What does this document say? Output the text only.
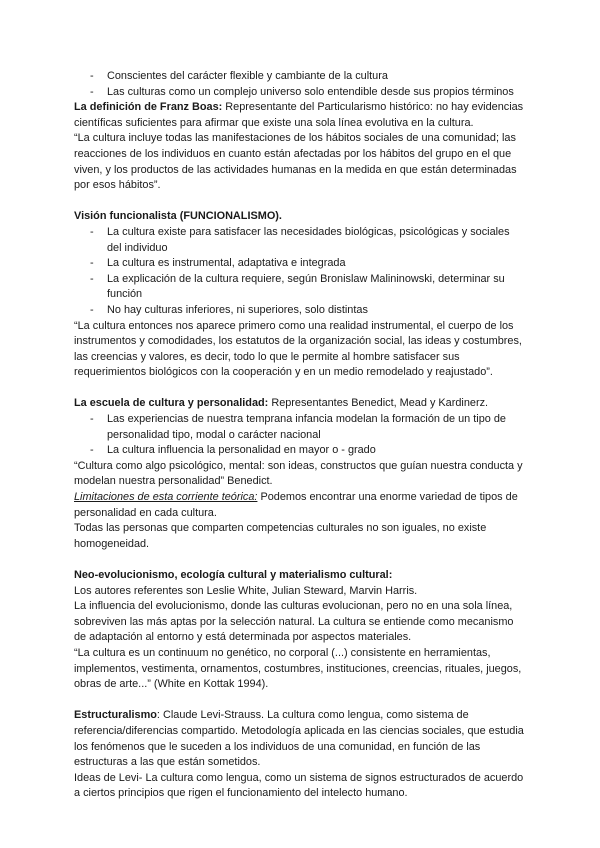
-	Conscientes del carácter flexible y cambiante de la cultura
-	Las culturas como un complejo universo solo entendible desde sus propios términos

La definición de Franz Boas: Representante del Particularismo histórico: no hay evidencias científicas suficientes para afirmar que existe una sola línea evolutiva en la cultura.

“La cultura incluye todas las manifestaciones de los hábitos sociales de una comunidad; las reacciones de los individuos en cuanto están afectadas por los hábitos del grupo en el que viven, y los productos de las actividades humanas en la medida en que están determinadas por esos hábitos”.

Visión funcionalista (FUNCIONALISMO).

-	La cultura existe para satisfacer las necesidades biológicas, psicológicas y sociales del individuo
-	La cultura es instrumental, adaptativa e integrada
-	La explicación de la cultura requiere, según Bronislaw Malininowski, determinar su función
-	No hay culturas inferiores, ni superiores, solo distintas

“La cultura entonces nos aparece primero como una realidad instrumental, el cuerpo de los instrumentos y comodidades, los estatutos de la organización social, las ideas y costumbres, las creencias y valores, es decir, todo lo que le permite al hombre satisfacer sus requerimientos biológicos con la cooperación y en un medio remodelado y reajustado”.

La escuela de cultura y personalidad: Representantes Benedict, Mead y Kardinerz.

-	Las experiencias de nuestra temprana infancia modelan la formación de un tipo de personalidad tipo, modal o carácter nacional
-	La cultura influencia la personalidad en mayor o - grado

“Cultura como algo psicológico, mental: son ideas, constructos que guían nuestra conducta y modelan nuestra personalidad” Benedict.

Limitaciones de esta corriente teórica: Podemos encontrar una enorme variedad de tipos de personalidad en cada cultura.

Todas las personas que comparten competencias culturales no son iguales, no existe homogeneidad.

Neo-evolucionismo, ecología cultural y materialismo cultural:

Los autores referentes son Leslie White, Julian Steward, Marvin Harris.

La influencia del evolucionismo, donde las culturas evolucionan, pero no en una sola línea, sobreviven las más aptas por la selección natural. La cultura se entiende como mecanismo de adaptación al entorno y está determinada por aspectos materiales.

“La cultura es un continuum no genético, no corporal (...) consistente en herramientas, implementos, vestimenta, ornamentos, costumbres, instituciones, creencias, rituales, juegos, obras de arte...” (White en Kottak 1994).

Estructuralismo: Claude Levi-Strauss. La cultura como lengua, como sistema de referencia/diferencias compartido. Metodología aplicada en las ciencias sociales, que estudia los fenómenos que le suceden a los individuos de una comunidad, en función de las estructuras a las que están sometidos.

Ideas de Levi- La cultura como lengua, como un sistema de signos estructurados de acuerdo a ciertos principios que rigen el funcionamiento del intelecto humano.
